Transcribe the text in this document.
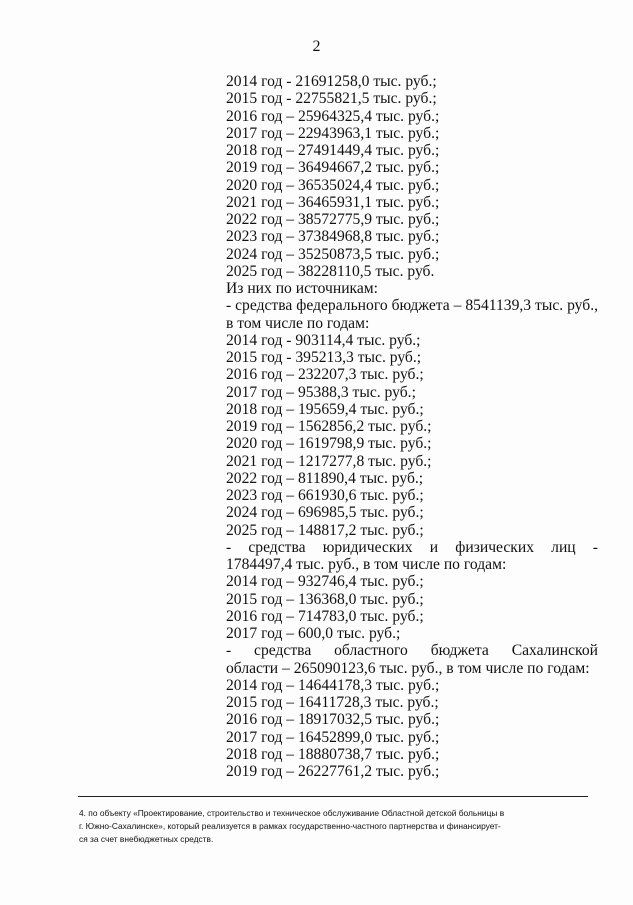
2
2014 год - 21691258,0 тыс. руб.;
2015 год - 22755821,5 тыс. руб.;
2016 год – 25964325,4 тыс. руб.;
2017 год – 22943963,1 тыс. руб.;
2018 год – 27491449,4 тыс. руб.;
2019 год – 36494667,2 тыс. руб.;
2020 год – 36535024,4 тыс. руб.;
2021 год – 36465931,1 тыс. руб.;
2022 год – 38572775,9 тыс. руб.;
2023 год – 37384968,8 тыс. руб.;
2024 год – 35250873,5 тыс. руб.;
2025 год – 38228110,5 тыс. руб.
Из них по источникам:
- средства федерального бюджета – 8541139,3 тыс. руб.,
в том числе по годам:
2014 год - 903114,4 тыс. руб.;
2015 год - 395213,3 тыс. руб.;
2016 год – 232207,3 тыс. руб.;
2017 год – 95388,3 тыс. руб.;
2018 год – 195659,4 тыс. руб.;
2019 год – 1562856,2 тыс. руб.;
2020 год – 1619798,9 тыс. руб.;
2021 год – 1217277,8 тыс. руб.;
2022 год – 811890,4 тыс. руб.;
2023 год – 661930,6 тыс. руб.;
2024 год – 696985,5 тыс. руб.;
2025 год – 148817,2 тыс. руб.;
- средства юридических и физических лиц -
1784497,4 тыс. руб., в том числе по годам:
2014 год – 932746,4 тыс. руб.;
2015 год – 136368,0 тыс. руб.;
2016 год – 714783,0 тыс. руб.;
2017 год – 600,0 тыс. руб.;
- средства областного бюджета Сахалинской
области – 265090123,6 тыс. руб., в том числе по годам:
2014 год – 14644178,3 тыс. руб.;
2015 год – 16411728,3 тыс. руб.;
2016 год – 18917032,5 тыс. руб.;
2017 год – 16452899,0 тыс. руб.;
2018 год – 18880738,7 тыс. руб.;
2019 год – 26227761,2 тыс. руб.;
4. по объекту «Проектирование, строительство и техническое обслуживание Областной детской больницы в
г. Южно-Сахалинске», который реализуется в рамках государственно-частного партнерства и финансирует-
ся за счет внебюджетных средств.
